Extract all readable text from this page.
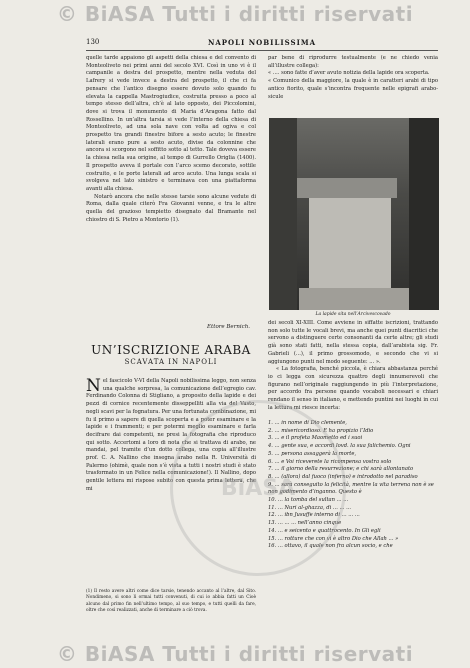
© BiASA Tutti i diritti riservati
130	NAPOLI NOBILISSIMA

quelle tarde appaiono gli aspetti della chiesa e del convento di Monteoliveto nei primi anni del secolo XVI. Così in uno vi è il campanile a destra del prospetto, mentre nella veduta del Lafrery si vede invece a destra del prospetto, il che ci fa pensare che l’antico disegno essere dovuto solo quando fu elevata la cappella Mastrogiudice, costruita presso a poco al tempo stesso dell’altra, ch’è al lato opposto, dei Piccolomini, dove si trova il monumento di Maria d’Aragona fatto dal Rossellino. In un’altra tarsia si vede l’interno della chiesa di Monteoliveto, ad una sola nave con volta ad ogiva e col prospetto tra grandi finestre bifore a sesto acuto; le finestre laterali erano pure a sesto acuto, divise da colonnine che ancora si scorgono nel soffitto sotto al tetto. Tale doveva essere la chiesa nella sua origine, al tempo di Gurrello Origlia (1400). Il prospetto aveva il portale con l’arco scemo decorato, sottile costruito, e le porte laterali ad arco acuto. Una lunga scala si svolgeva nel lato sinistro e terminava con una piattaforma avanti alla chiesa.

Notarò ancora che nelle stesse tarsie sono alcune vedute di Roma, dalla quale citerò Fra Giovanni venne, e tra le altre quella del grazioso tempietto disegnato dal Bramante nel chiostro di S. Pietro a Montorio (1).

Ettore Bernich.
UN’ISCRIZIONE ARABA
SCAVATA IN NAPOLI
N el fascicolo V-VI della Napoli nobilissima leggo, non senza una qualche sorpresa, la comunicazione dell’egregio cav. Ferdinando Colonna di Stigliano, a proposito della lapide e dei pezzi di cornice recentemente disseppelliti alla via del Vasto, negli scavi per la fognatura. Per una fortunata combinazione, mi fu il primo a sapere di quella scoperta e a poter esaminare e la lapide e i frammenti; e per potermi meglio esaminare e farla decifrare dai competenti, ne presi la fotografia che riproduco qui sotto. Accertomi a loro di nota che si trattava di arabo, ne mandai, pel tramite d’un dotto collega, una copia all’illustre prof. C. A. Nallino che insegna arabo nella R. Università di Palermo (ohimè, quale non s’è vista a tutti i nostri studi è stato trasformato in un Felice nella comunicazione!). Il Nallino, dopo gentile lettera mi rispose subito con questa prima lettera, che mi
(1) Il resto avere altri come dice tarsie, tenendo accanto al l’altre, dal Sito. Nondimeno, si sono lì ormai tutti convenuti, di cui io abbia fatti un Cioè alcuno dal primo fin nell’ultimo tempo, al suo tempo, e tutti quelli da fare, oltre che così realizzati, anche di terminare a ciò trova.

par bene di riprodurre testualmente (e ne chiedo venia all’illustre collega):

« .... sono fatte d’aver avuto notizia della lapide ora scoperta.

« Comunico della maggiore, la quale è in caratteri arabi di tipo antico fioritо, quale s’incontra frequente nelle epigrafi arabo-sicule

La lapide sita nell’Arcivescovado

dei secoli XI-XIII. Come avviene in siffatte iscrizioni, trattando non solo tutte le vocali brevi, ma anche quei punti diacritici che servono a distinguere certe consonanti da certe altre; gli studi già sono stati fatti, nella stessa copia, dall’arabista sig. Fr. Gabrieli (...), il primo grossomodo, e secondo che vi si aggiungono punti nel modo seguente: ... ».

« La fotografia, benché piccola, è chiara abbastanza perché io ci legga con sicurezza quattro degli innumerevoli che figurano nell’originale raggiungendo in più l’interpretazione, per accordo fra persone quando vocaboli necessari e chiari rendano il senso in italiano, e mettendo puntini nei luoghi in cui la lettura mi riesce incerta:

1. ... in nome di Dio clemente,

2. ... misericordioso. E ha propizio l’Idio

3. ... e il profeta Maometto ed i suoi

4. ... gente sua, e accordi lovd. la sua falichemio. Ogni

5. ... persona assaggerà la morte,

6. ... e Voi riceverete la ricompensa vostra solo

7. ... il giorno della resurrezione; e chi sarà allontanato

8. ... (allora) dal fuoco (inferno) e introdotto nel paradiso

9. ... sarà conseguito la felicità, mentre la vita terrena non è se non godimento d’inganno. Questo è

10. ... la tomba del sultan ... ...

11. ... Nuri al-ghazza, di ... ... ...

12. ... ibn Jusuffe interno di ... ... ...

13. ... ... ... nell’anno cinque

14. ... e seicento e quattrocento. In Gli egli

15. ... rotture che con vi è altro Dio che Allah ... »

16. ... ottavo, il quale non fra alcun socio, e che

BiASA
© BiASA Tutti i diritti riservati
